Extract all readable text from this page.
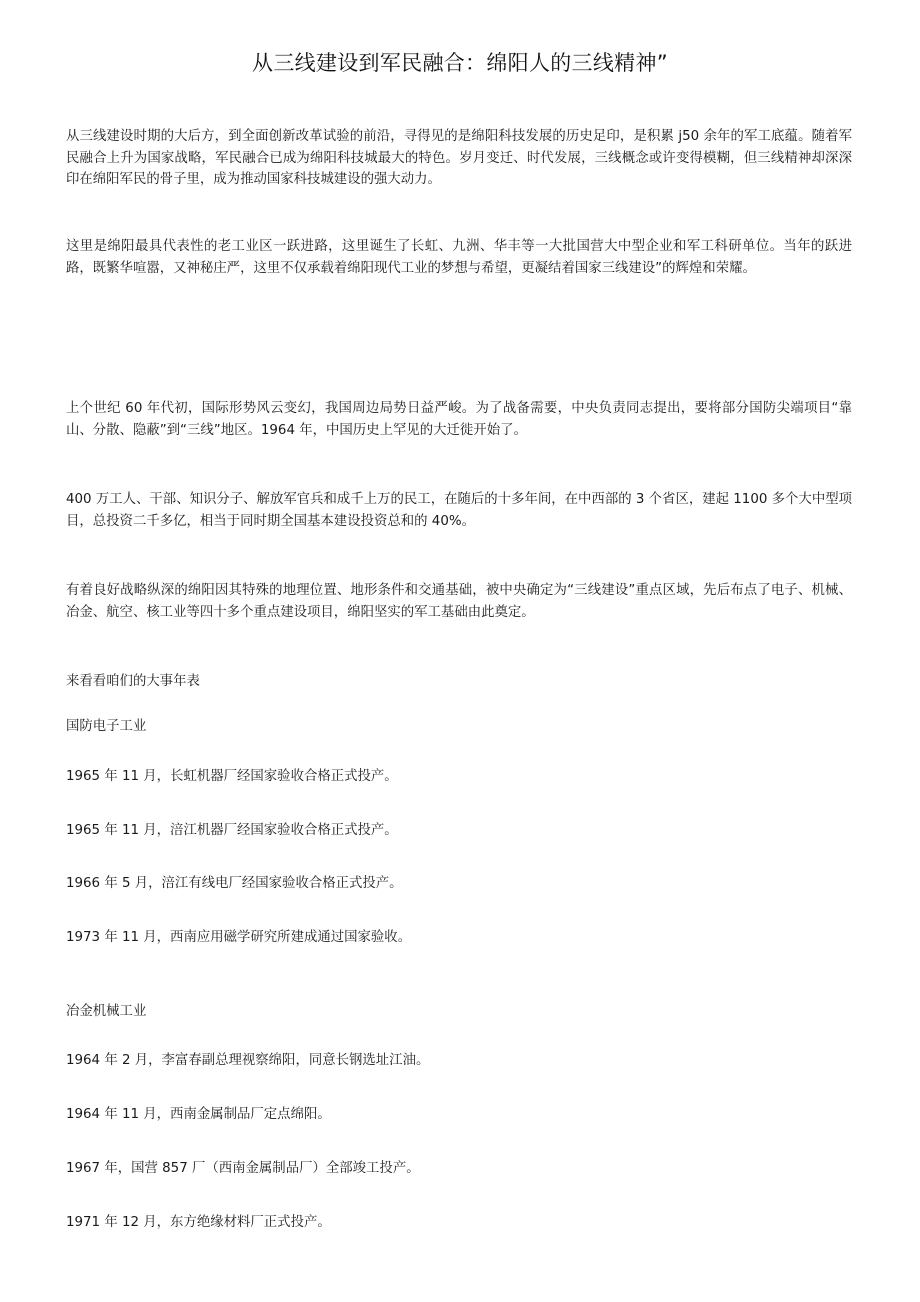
从三线建设到军民融合：绵阳人的三线精神”

从三线建设时期的大后方，到全面创新改革试验的前沿，寻得见的是绵阳科技发展的历史足印，是积累 j50 余年的军工底蕴。随着军民融合上升为国家战略，军民融合已成为绵阳科技城最大的特色。岁月变迁、时代发展，三线概念或许变得模糊，但三线精神却深深印在绵阳军民的骨子里，成为推动国家科技城建设的强大动力。

这里是绵阳最具代表性的老工业区一跃进路，这里诞生了长虹、九洲、华丰等一大批国营大中型企业和军工科研单位。当年的跃进路，既繁华喧嚣，又神秘庄严，这里不仅承载着绵阳现代工业的梦想与希望，更凝结着国家三线建设”的辉煌和荣耀。

上个世纪 60 年代初，国际形势风云变幻，我国周边局势日益严峻。为了战备需要，中央负责同志提出，要将部分国防尖端项目“靠山、分散、隐蔽”到“三线”地区。1964 年，中国历史上罕见的大迁徙开始了。

400 万工人、干部、知识分子、解放军官兵和成千上万的民工，在随后的十多年间，在中西部的 3 个省区，建起 1100 多个大中型项目，总投资二千多亿，相当于同时期全国基本建设投资总和的 40%。

有着良好战略纵深的绵阳因其特殊的地理位置、地形条件和交通基础，被中央确定为“三线建设”重点区域，先后布点了电子、机械、冶金、航空、核工业等四十多个重点建设项目，绵阳坚实的军工基础由此奠定。

来看看咱们的大事年表

国防电子工业

1965 年 11 月，长虹机器厂经国家验收合格正式投产。

1965 年 11 月，涪江机器厂经国家验收合格正式投产。

1966 年 5 月，涪江有线电厂经国家验收合格正式投产。

1973 年 11 月，西南应用磁学研究所建成通过国家验收。

冶金机械工业

1964 年 2 月，李富春副总理视察绵阳，同意长钢选址江油。

1964 年 11 月，西南金属制品厂定点绵阳。

1967 年，国营 857 厂（西南金属制品厂）全部竣工投产。

1971 年 12 月，东方绝缘材料厂正式投产。
